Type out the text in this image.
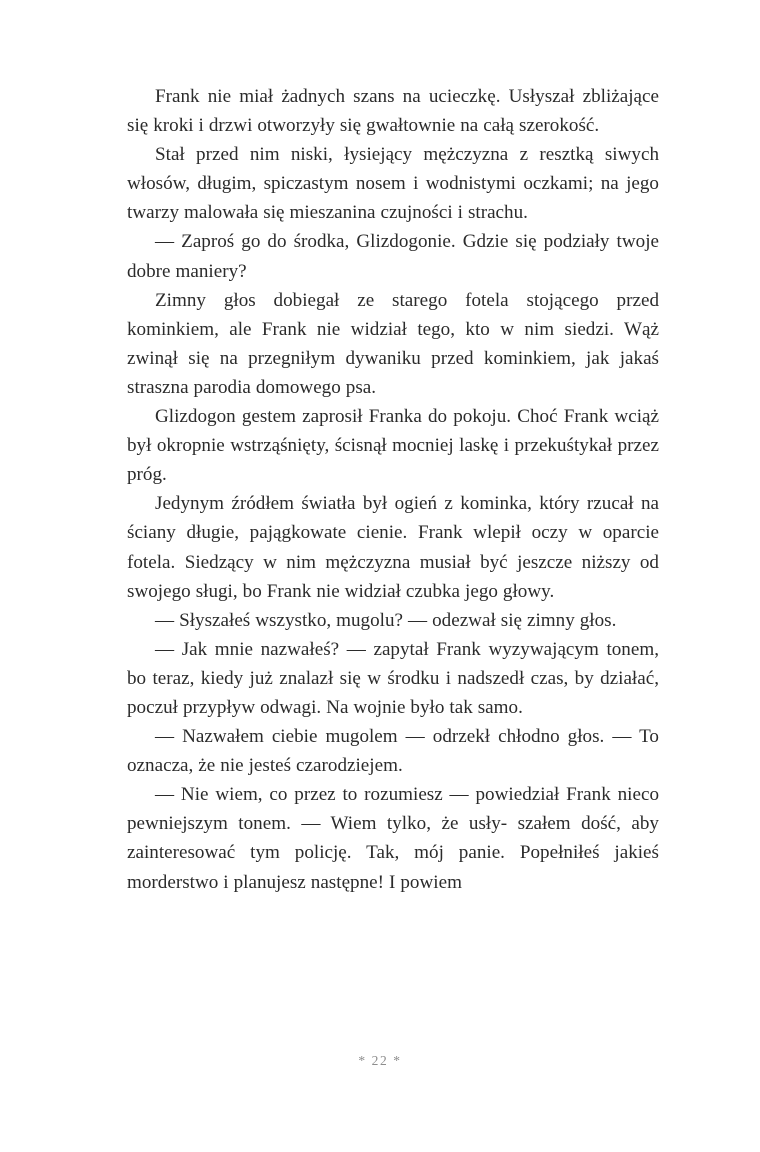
Frank nie miał żadnych szans na ucieczkę. Usłyszał zbliżające się kroki i drzwi otworzyły się gwałtownie na całą szerokość.

Stał przed nim niski, łysiejący mężczyzna z resztką siwych włosów, długim, spiczastym nosem i wodnistymi oczkami; na jego twarzy malowała się mieszanina czujności i strachu.

— Zaproś go do środka, Glizdogonie. Gdzie się podziały twoje dobre maniery?

Zimny głos dobiegał ze starego fotela stojącego przed kominkiem, ale Frank nie widział tego, kto w nim siedzi. Wąż zwinął się na przegniłym dywaniku przed kominkiem, jak jakaś straszna parodia domowego psa.

Glizdogon gestem zaprosił Franka do pokoju. Choć Frank wciąż był okropnie wstrząśnięty, ścisnął mocniej laskę i przekuśtykał przez próg.

Jedynym źródłem światła był ogień z kominka, który rzucał na ściany długie, pajągkowate cienie. Frank wlepił oczy w oparcie fotela. Siedzący w nim mężczyzna musiał być jeszcze niższy od swojego sługi, bo Frank nie widział czubka jego głowy.

— Słyszałeś wszystko, mugolu? — odezwał się zimny głos.

— Jak mnie nazwałeś? — zapytał Frank wyzywającym tonem, bo teraz, kiedy już znalazł się w środku i nadszedł czas, by działać, poczuł przypływ odwagi. Na wojnie było tak samo.

— Nazwałem ciebie mugolem — odrzekł chłodno głos. — To oznacza, że nie jesteś czarodziejem.

— Nie wiem, co przez to rozumiesz — powiedział Frank nieco pewniejszym tonem. — Wiem tylko, że usły- szałem dość, aby zainteresować tym policję. Tak, mój panie. Popełniłeś jakieś morderstwo i planujesz następne! I powiem

* 22 *
